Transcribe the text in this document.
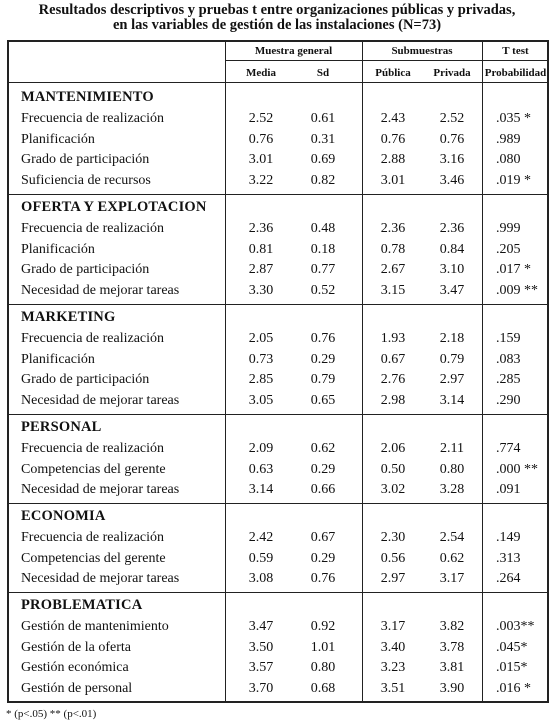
Resultados descriptivos y pruebas t entre organizaciones públicas y privadas,
en las variables de gestión de las instalaciones (N=73)
Muestra general	Submuestras	T test
Media	Sd	Pública	Privada	Probabilidad
MANTENIMIENTO
Frecuencia de realización	2.52	0.61	2.43	2.52	.035 *
Planificación	0.76	0.31	0.76	0.76	.989
Grado de participación	3.01	0.69	2.88	3.16	.080
Suficiencia de recursos	3.22	0.82	3.01	3.46	.019 *
OFERTA Y EXPLOTACION
Frecuencia de realización	2.36	0.48	2.36	2.36	.999
Planificación	0.81	0.18	0.78	0.84	.205
Grado de participación	2.87	0.77	2.67	3.10	.017 *
Necesidad de mejorar tareas	3.30	0.52	3.15	3.47	.009 **
MARKETING
Frecuencia de realización	2.05	0.76	1.93	2.18	.159
Planificación	0.73	0.29	0.67	0.79	.083
Grado de participación	2.85	0.79	2.76	2.97	.285
Necesidad de mejorar tareas	3.05	0.65	2.98	3.14	.290
PERSONAL
Frecuencia de realización	2.09	0.62	2.06	2.11	.774
Competencias del gerente	0.63	0.29	0.50	0.80	.000 **
Necesidad de mejorar tareas	3.14	0.66	3.02	3.28	.091
ECONOMIA
Frecuencia de realización	2.42	0.67	2.30	2.54	.149
Competencias del gerente	0.59	0.29	0.56	0.62	.313
Necesidad de mejorar tareas	3.08	0.76	2.97	3.17	.264
PROBLEMATICA
Gestión de mantenimiento	3.47	0.92	3.17	3.82	.003**
Gestión de la oferta	3.50	1.01	3.40	3.78	.045*
Gestión económica	3.57	0.80	3.23	3.81	.015*
Gestión de personal	3.70	0.68	3.51	3.90	.016 *
* (p<.05) ** (p<.01)
